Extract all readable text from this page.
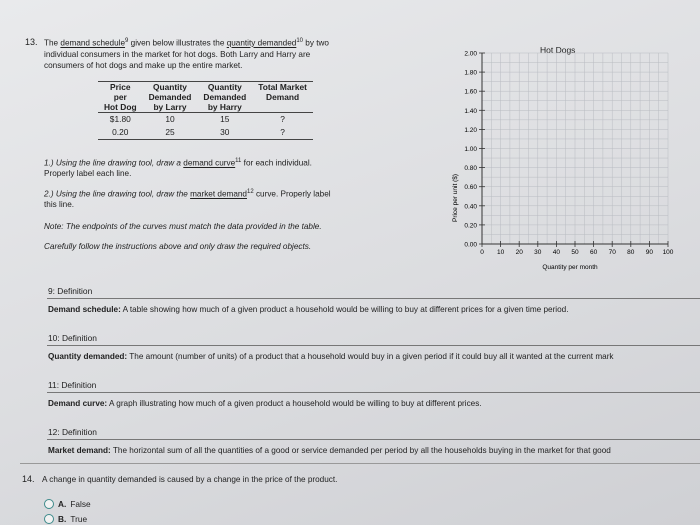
13. The demand schedule$^9$ given below illustrates the quantity demanded$^{10}$ by two
individual consumers in the market for hot dogs. Both Larry and Harry are
consumers of hot dogs and make up the entire market.
Price	Quantity	Quantity	Total Market
per	Demanded	Demanded	Demand
Hot Dog	by Larry	by Harry	
$1.80	10	15	?
0.20	25	30	?
1.) Using the line drawing tool, draw a demand curve$^{11}$ for each individual.
Properly label each line.
2.) Using the line drawing tool, draw the market demand$^{12}$ curve. Properly label
this line.
Note: The endpoints of the curves must match the data provided in the table.
Carefully follow the instructions above and only draw the required objects.
Hot Dogs
Price per unit ($)
Quantity per month
0.00
0.20
0.40
0.60
0.80
1.00
1.20
1.40
1.60
1.80
2.00
0 10 20 30 40 50 60 70 80 90 100
9: Definition
Demand schedule: A table showing how much of a given product a household would be willing to buy at different prices for a given time period.
10: Definition
Quantity demanded: The amount (number of units) of a product that a household would buy in a given period if it could buy all it wanted at the current mark
11: Definition
Demand curve: A graph illustrating how much of a given product a household would be willing to buy at different prices.
12: Definition
Market demand: The horizontal sum of all the quantities of a good or service demanded per period by all the households buying in the market for that good
14. A change in quantity demanded is caused by a change in the price of the product.
A. False
B. True
